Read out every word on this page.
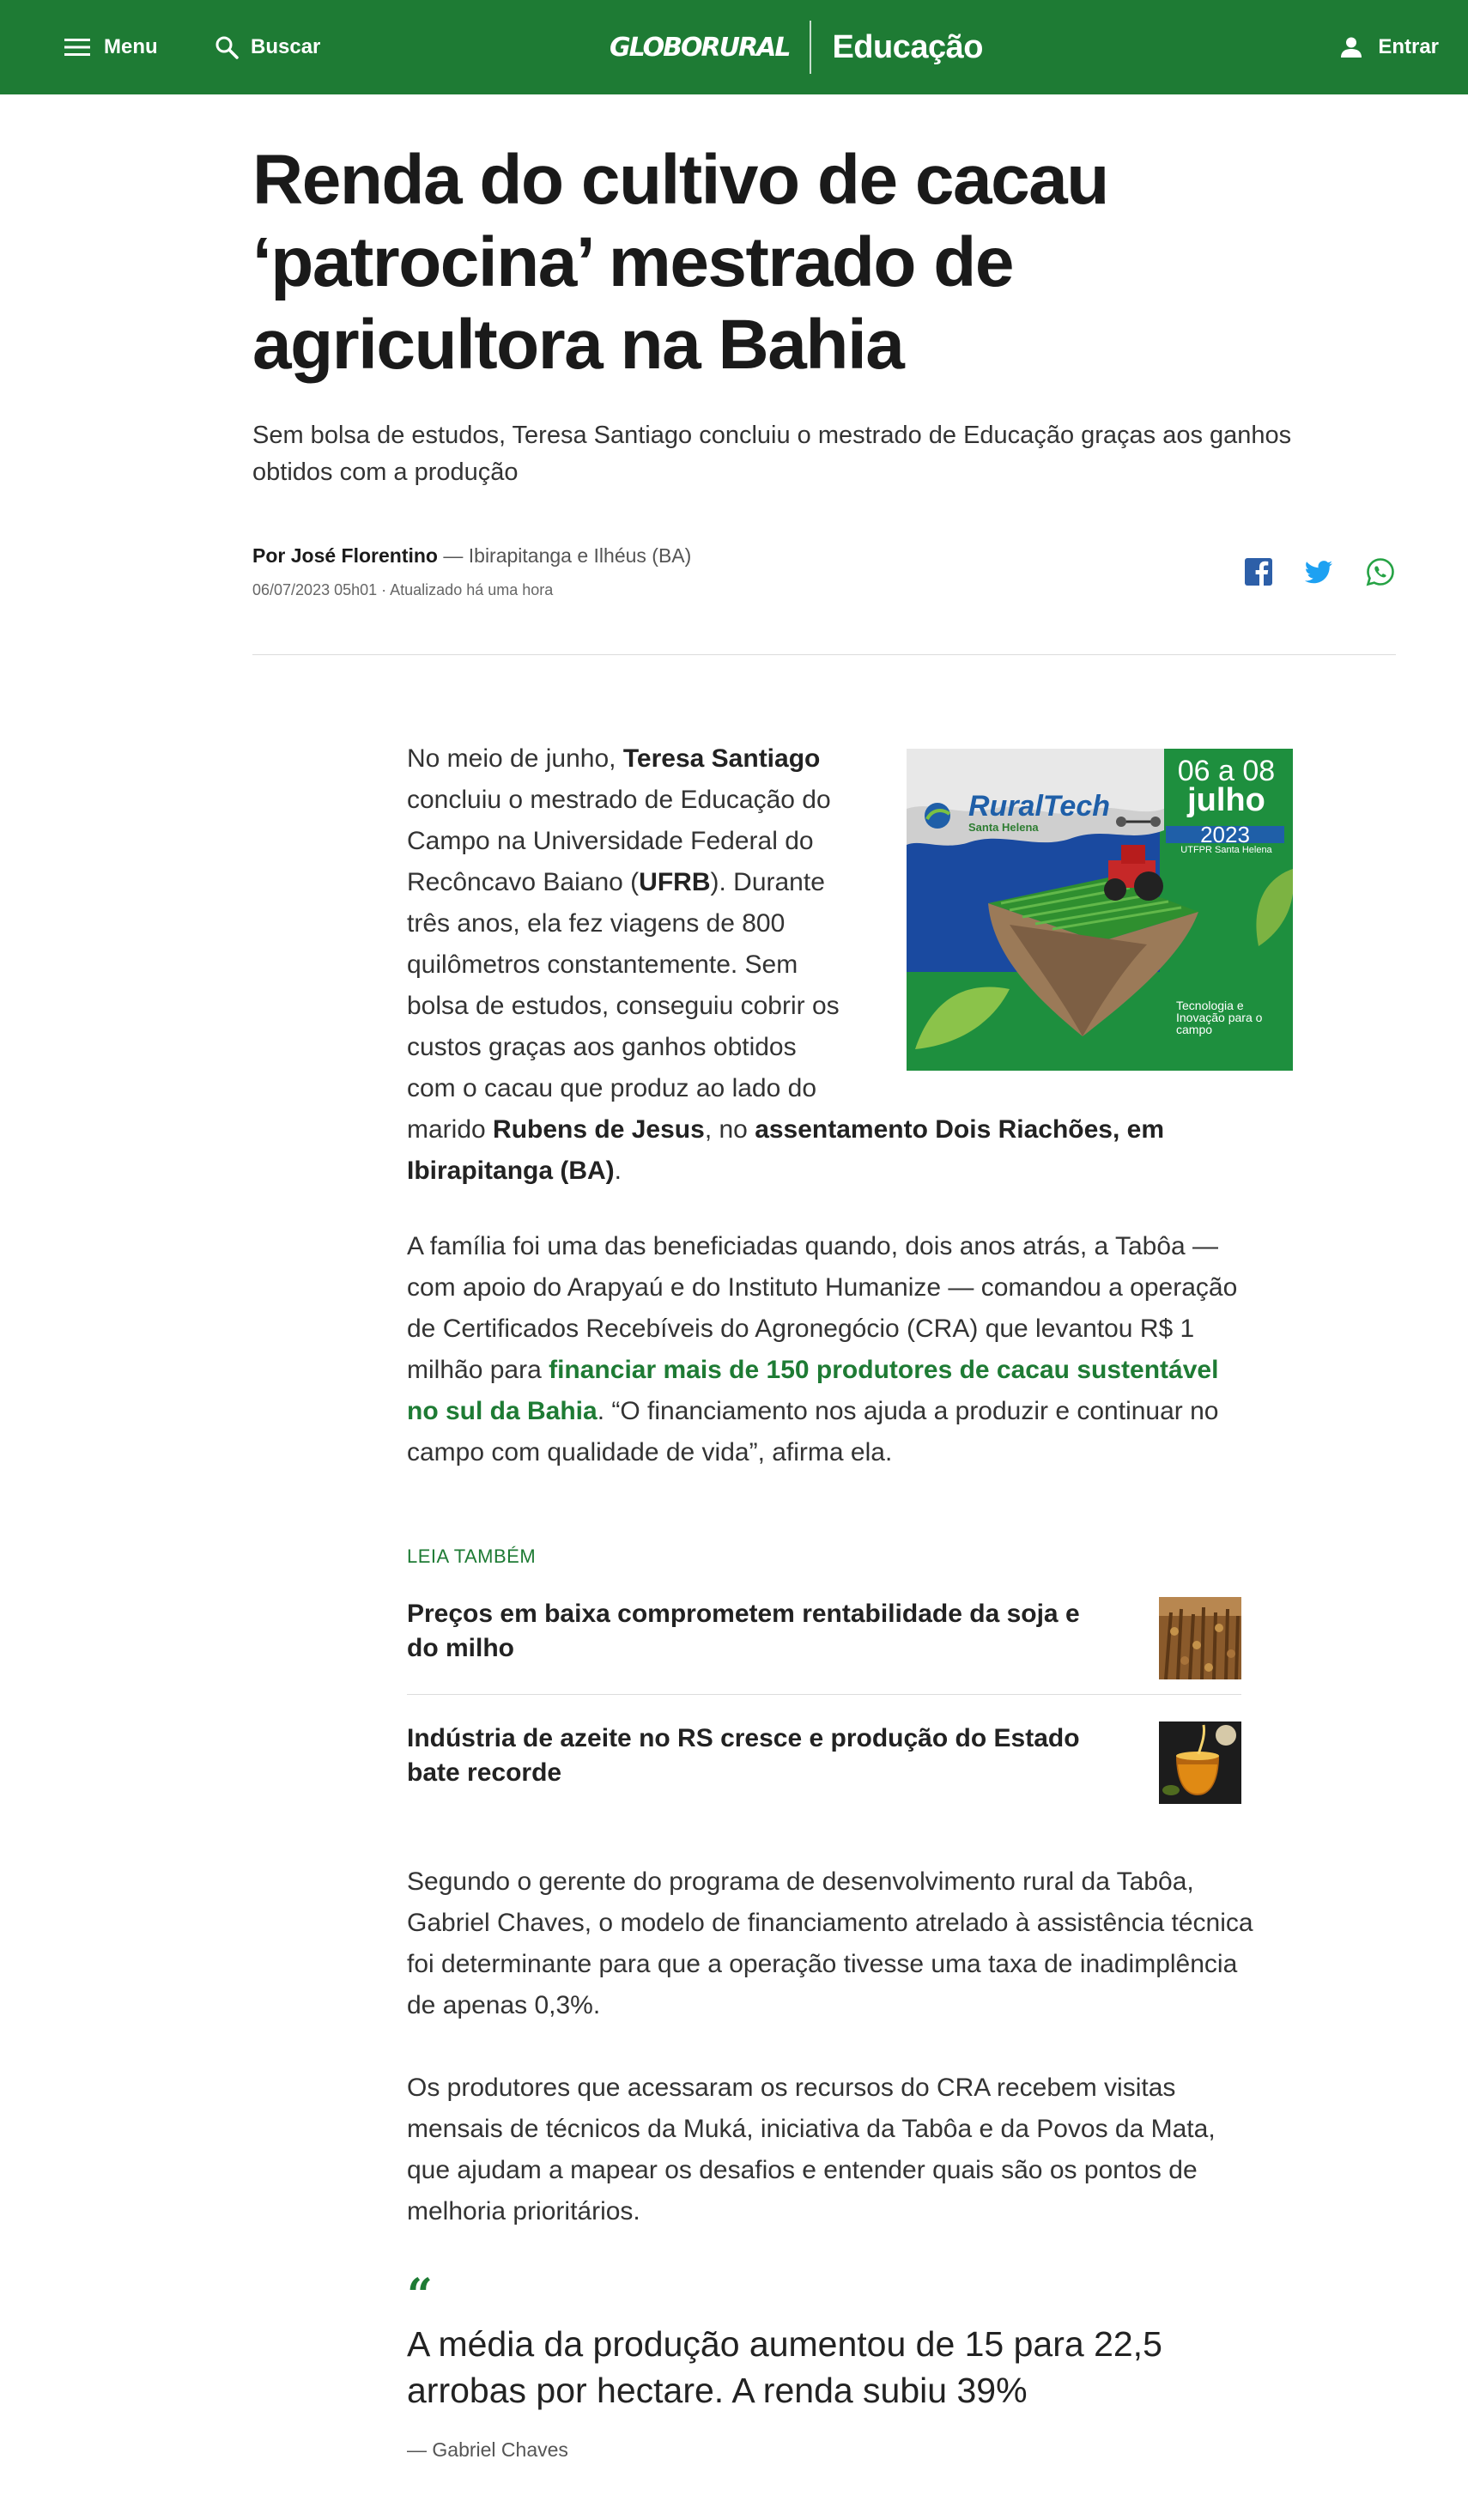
Menu	Buscar	GLOBORURAL	Educação	Entrar
Renda do cultivo de cacau ‘patrocina’ mestrado de agricultora na Bahia

Sem bolsa de estudos, Teresa Santiago concluiu o mestrado de Educação graças aos ganhos obtidos com a produção

Por José Florentino — Ibirapitanga e Ilhéus (BA)
06/07/2023 05h01 · Atualizado há uma hora
No meio de junho, Teresa Santiago
concluiu o mestrado de Educação do
Campo na Universidade Federal do
Recôncavo Baiano (UFRB). Durante
três anos, ela fez viagens de 800
quilômetros constantemente. Sem
bolsa de estudos, conseguiu cobrir os
custos graças aos ganhos obtidos
com o cacau que produz ao lado do
marido Rubens de Jesus, no assentamento Dois Riachões, em
Ibirapitanga (BA).
RuralTech
Santa Helena
06 a 08
julho
2023
UTFPR Santa Helena
Tecnologia e Inovação para o campo
A família foi uma das beneficiadas quando, dois anos atrás, a Tabôa —
com apoio do Arapyaú e do Instituto Humanize — comandou a operação
de Certificados Recebíveis do Agronegócio (CRA) que levantou R$ 1
milhão para financiar mais de 150 produtores de cacau sustentável
no sul da Bahia. “O financiamento nos ajuda a produzir e continuar no
campo com qualidade de vida”, afirma ela.
LEIA TAMBÉM
Preços em baixa comprometem rentabilidade da soja e do milho
Indústria de azeite no RS cresce e produção do Estado bate recorde
Segundo o gerente do programa de desenvolvimento rural da Tabôa,
Gabriel Chaves, o modelo de financiamento atrelado à assistência técnica
foi determinante para que a operação tivesse uma taxa de inadimplência
de apenas 0,3%.
Os produtores que acessaram os recursos do CRA recebem visitas
mensais de técnicos da Muká, iniciativa da Tabôa e da Povos da Mata,
que ajudam a mapear os desafios e entender quais são os pontos de
melhoria prioritários.
“
A média da produção aumentou de 15 para 22,5 arrobas por hectare. A renda subiu 39%
— Gabriel Chaves
